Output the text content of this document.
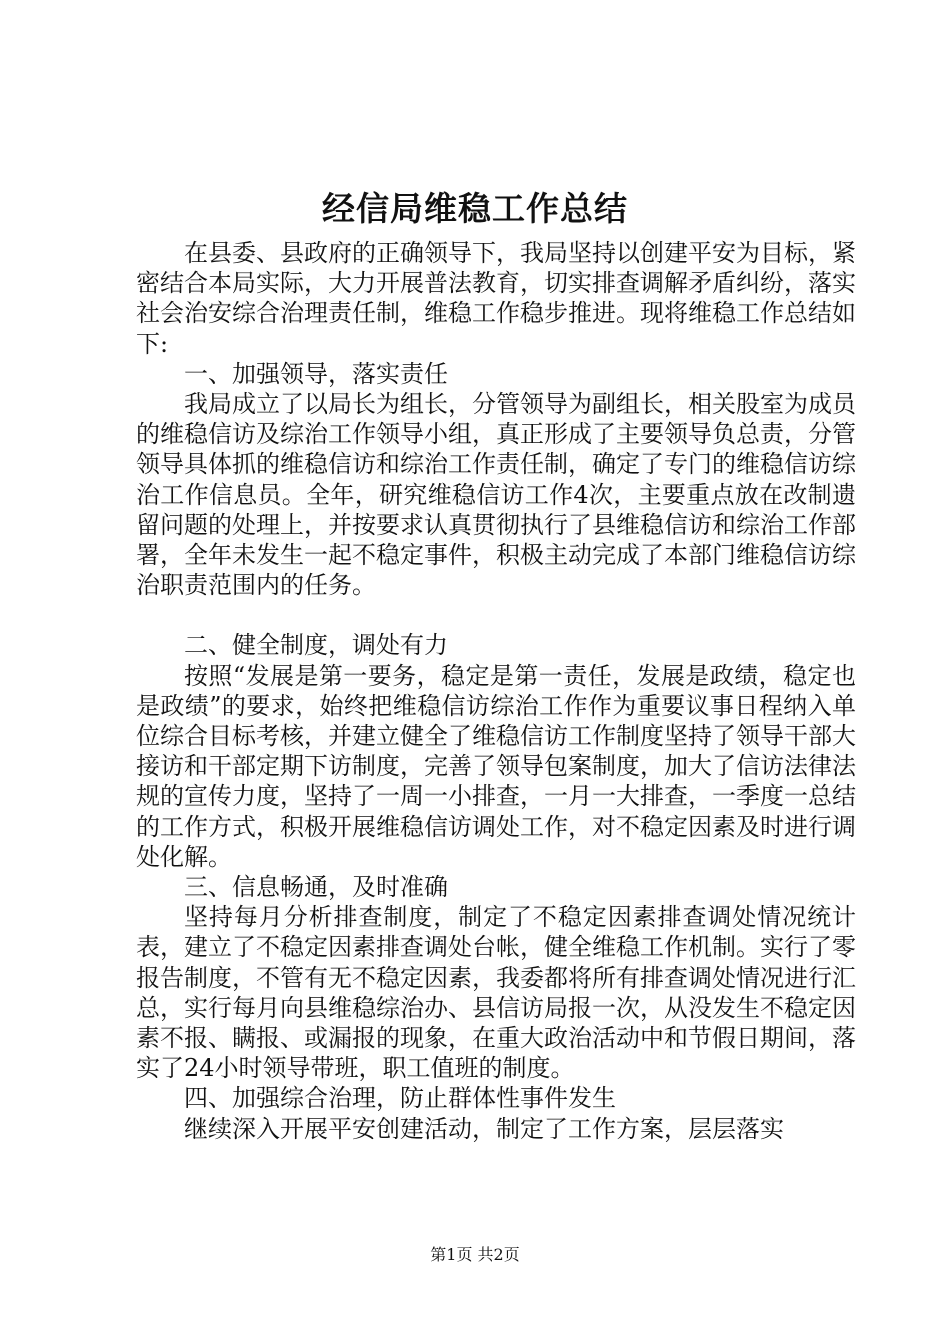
经信局维稳工作总结

在县委、县政府的正确领导下，我局坚持以创建平安为目标，紧密结合本局实际，大力开展普法教育，切实排查调解矛盾纠纷，落实社会治安综合治理责任制，维稳工作稳步推进。现将维稳工作总结如下:

一、加强领导，落实责任

我局成立了以局长为组长，分管领导为副组长，相关股室为成员的维稳信访及综治工作领导小组，真正形成了主要领导负总责，分管领导具体抓的维稳信访和综治工作责任制，确定了专门的维稳信访综治工作信息员。全年，研究维稳信访工作4次，主要重点放在改制遗留问题的处理上，并按要求认真贯彻执行了县维稳信访和综治工作部署，全年未发生一起不稳定事件，积极主动完成了本部门维稳信访综治职责范围内的任务。

二、健全制度，调处有力

按照“发展是第一要务，稳定是第一责任，发展是政绩，稳定也是政绩”的要求，始终把维稳信访综治工作作为重要议事日程纳入单位综合目标考核，并建立健全了维稳信访工作制度坚持了领导干部大接访和干部定期下访制度，完善了领导包案制度，加大了信访法律法规的宣传力度，坚持了一周一小排查，一月一大排查，一季度一总结的工作方式，积极开展维稳信访调处工作，对不稳定因素及时进行调处化解。

三、信息畅通，及时准确

坚持每月分析排查制度，制定了不稳定因素排查调处情况统计表，建立了不稳定因素排查调处台帐，健全维稳工作机制。实行了零报告制度，不管有无不稳定因素，我委都将所有排查调处情况进行汇总，实行每月向县维稳综治办、县信访局报一次，从没发生不稳定因素不报、瞒报、或漏报的现象，在重大政治活动中和节假日期间，落实了24小时领导带班，职工值班的制度。

四、加强综合治理，防止群体性事件发生

继续深入开展平安创建活动，制定了工作方案，层层落实

第1页 共2页
